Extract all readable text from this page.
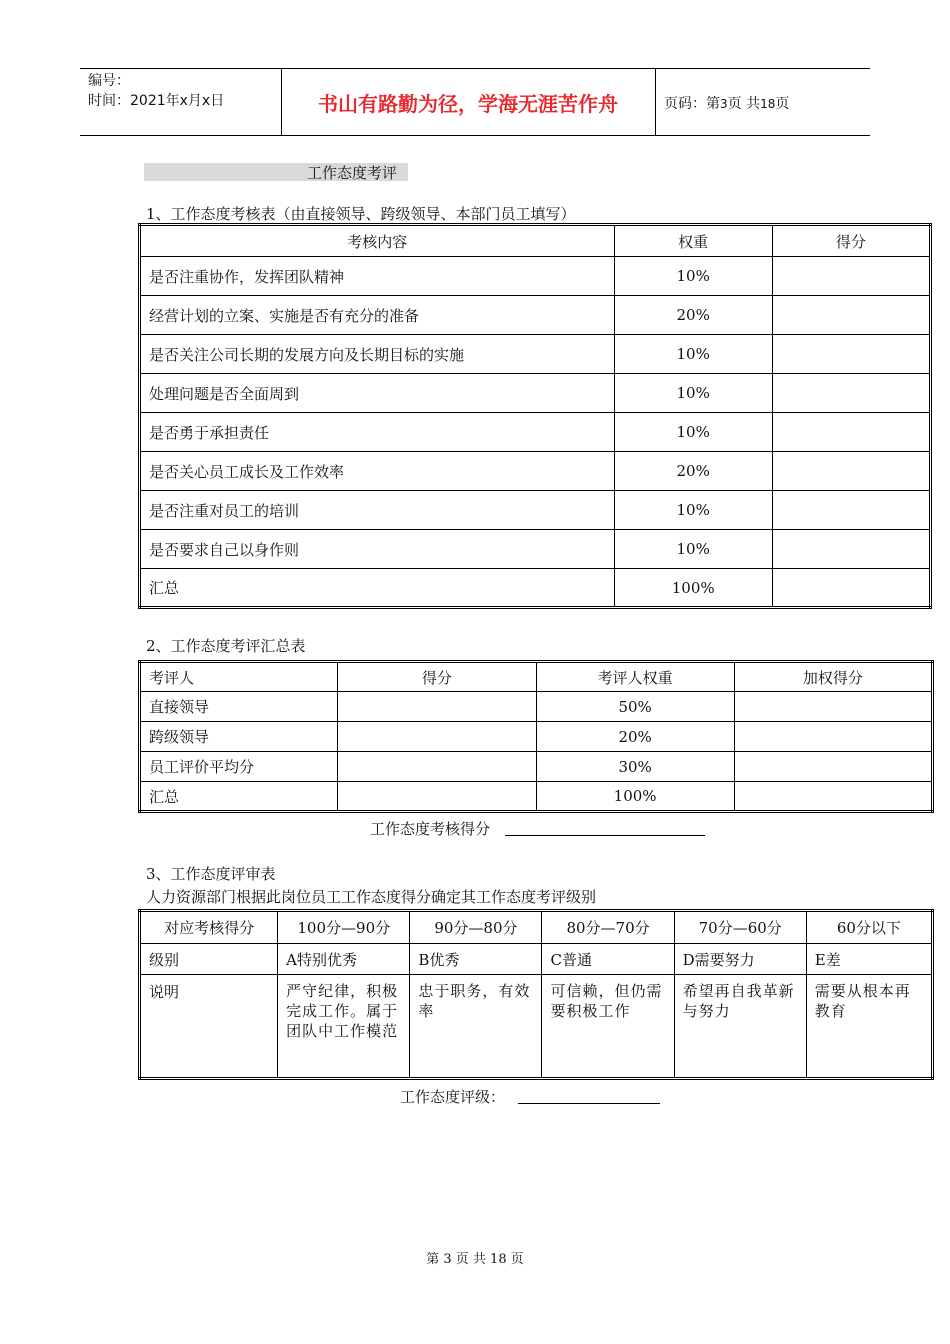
编号：
时间：2021年x月x日	书山有路勤为径，学海无涯苦作舟	页码：第3页 共18页
工作态度考评
1、工作态度考核表（由直接领导、跨级领导、本部门员工填写）
考核内容	权重	得分
是否注重协作，发挥团队精神	10%	
经营计划的立案、实施是否有充分的准备	20%	
是否关注公司长期的发展方向及长期目标的实施	10%	
处理问题是否全面周到	10%	
是否勇于承担责任	10%	
是否关心员工成长及工作效率	20%	
是否注重对员工的培训	10%	
是否要求自己以身作则	10%	
汇总	100%	
2、工作态度考评汇总表
考评人	得分	考评人权重	加权得分
直接领导		50%	
跨级领导		20%	
员工评价平均分		30%	
汇总		100%	
工作态度考核得分
3、工作态度评审表
人力资源部门根据此岗位员工工作态度得分确定其工作态度考评级别
对应考核得分	100分—90分	90分—80分	80分—70分	70分—60分	60分以下
级别	A特别优秀	B优秀	C普通	D需要努力	E差
说明	严守纪律，积极完成工作。属于团队中工作模范	忠于职务，有效率	可信赖，但仍需要积极工作	希望再自我革新与努力	需要从根本再教育
工作态度评级：
第 3 页 共 18 页
